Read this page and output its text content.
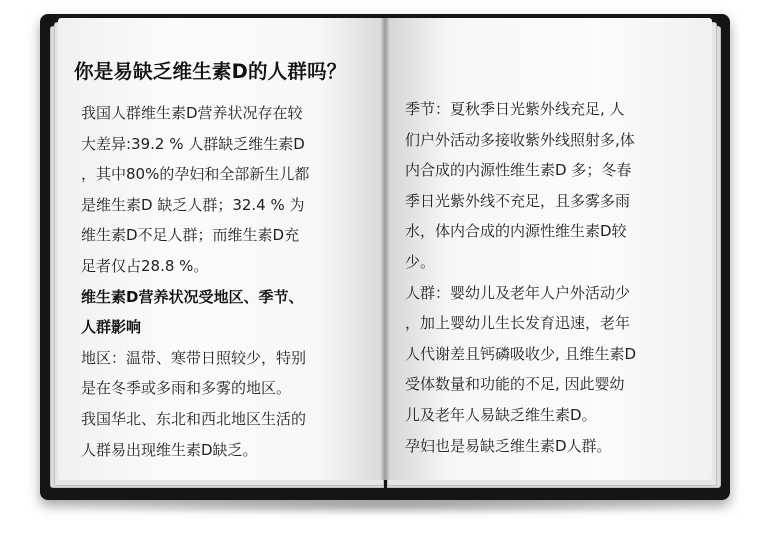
你是易缺乏维生素D的人群吗？
我国人群维生素D营养状况存在较
大差异:39.2 % 人群缺乏维生素D
，其中80%的孕妇和全部新生儿都
是维生素D 缺乏人群；32.4 % 为
维生素D不足人群；而维生素D充
足者仅占28.8 %。
维生素D营养状况受地区、季节、
人群影响
地区：温带、寒带日照较少，特别
是在冬季或多雨和多雾的地区。
我国华北、东北和西北地区生活的
人群易出现维生素D缺乏。
季节：夏秋季日光紫外线充足, 人
们户外活动多接收紫外线照射多,体
内合成的内源性维生素D 多；冬春
季日光紫外线不充足，且多雾多雨
水，体内合成的内源性维生素D较
少。
人群：婴幼儿及老年人户外活动少
，加上婴幼儿生长发育迅速，老年
人代谢差且钙磷吸收少, 且维生素D
受体数量和功能的不足, 因此婴幼
儿及老年人易缺乏维生素D。
孕妇也是易缺乏维生素D人群。
